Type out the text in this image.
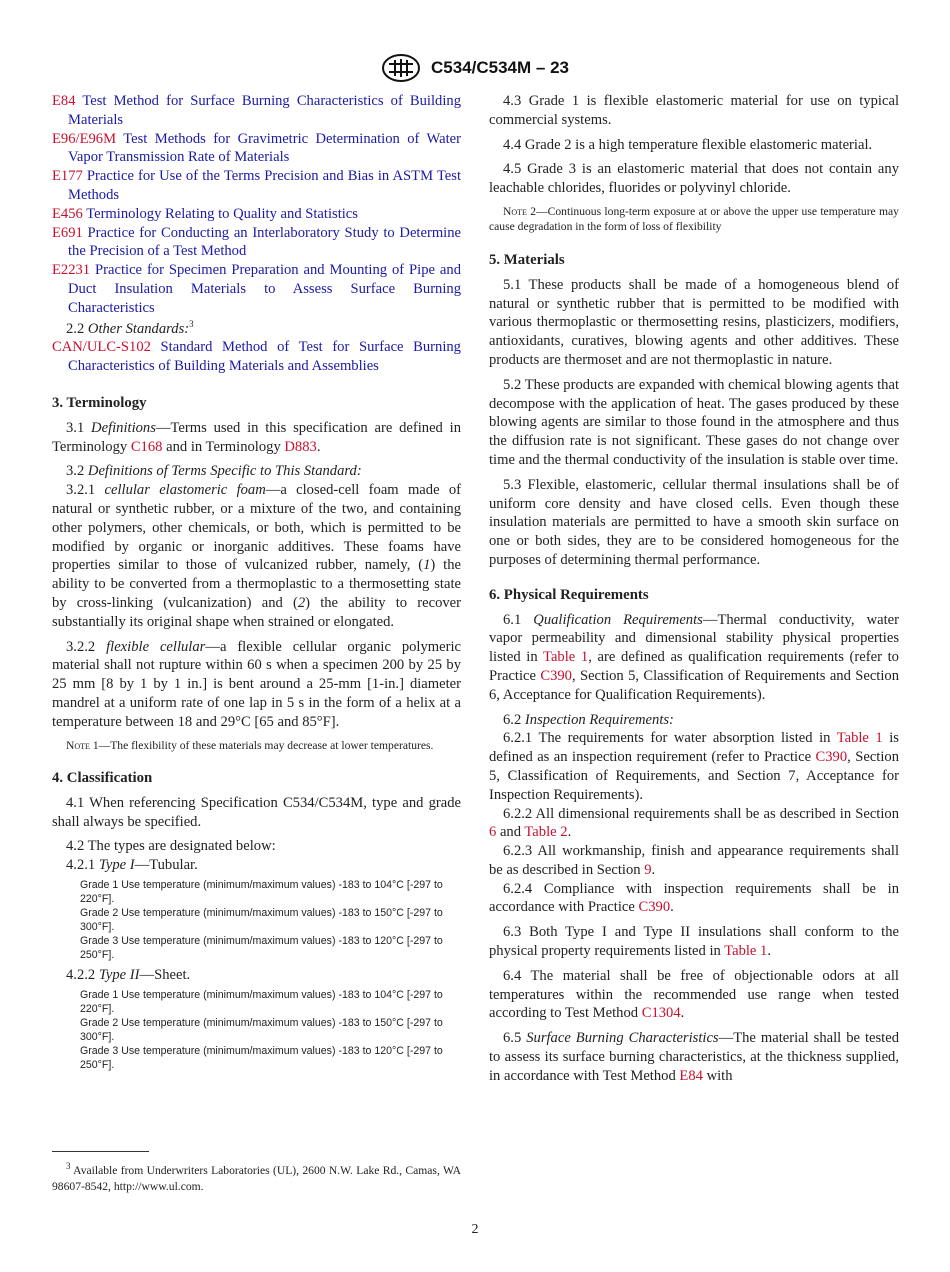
C534/C534M – 23

E84 Test Method for Surface Burning Characteristics of Building Materials

E96/E96M Test Methods for Gravimetric Determination of Water Vapor Transmission Rate of Materials

E177 Practice for Use of the Terms Precision and Bias in ASTM Test Methods

E456 Terminology Relating to Quality and Statistics

E691 Practice for Conducting an Interlaboratory Study to Determine the Precision of a Test Method

E2231 Practice for Specimen Preparation and Mounting of Pipe and Duct Insulation Materials to Assess Surface Burning Characteristics

2.2 Other Standards:$^3$

CAN/ULC-S102 Standard Method of Test for Surface Burning Characteristics of Building Materials and Assemblies

3. Terminology

3.1 Definitions—Terms used in this specification are defined in Terminology C168 and in Terminology D883.

3.2 Definitions of Terms Specific to This Standard:

3.2.1 cellular elastomeric foam—a closed-cell foam made of natural or synthetic rubber, or a mixture of the two, and containing other polymers, other chemicals, or both, which is permitted to be modified by organic or inorganic additives. These foams have properties similar to those of vulcanized rubber, namely, (1) the ability to be converted from a thermoplastic to a thermosetting state by cross-linking (vulcanization) and (2) the ability to recover substantially its original shape when strained or elongated.

3.2.2 flexible cellular—a flexible cellular organic polymeric material shall not rupture within 60 s when a specimen 200 by 25 by 25 mm [8 by 1 by 1 in.] is bent around a 25-mm [1-in.] diameter mandrel at a uniform rate of one lap in 5 s in the form of a helix at a temperature between 18 and 29°C [65 and 85°F].

Note 1—The flexibility of these materials may decrease at lower temperatures.

4. Classification

4.1 When referencing Specification C534/C534M, type and grade shall always be specified.

4.2 The types are designated below:

4.2.1 Type I—Tubular.

Grade 1 Use temperature (minimum/maximum values) -183 to 104°C [-297 to 220°F].
Grade 2 Use temperature (minimum/maximum values) -183 to 150°C [-297 to 300°F].
Grade 3 Use temperature (minimum/maximum values) -183 to 120°C [-297 to 250°F].

4.2.2 Type II—Sheet.

Grade 1 Use temperature (minimum/maximum values) -183 to 104°C [-297 to 220°F].
Grade 2 Use temperature (minimum/maximum values) -183 to 150°C [-297 to 300°F].
Grade 3 Use temperature (minimum/maximum values) -183 to 120°C [-297 to 250°F].

$^3$ Available from Underwriters Laboratories (UL), 2600 N.W. Lake Rd., Camas, WA 98607-8542, http://www.ul.com.

4.3 Grade 1 is flexible elastomeric material for use on typical commercial systems.

4.4 Grade 2 is a high temperature flexible elastomeric material.

4.5 Grade 3 is an elastomeric material that does not contain any leachable chlorides, fluorides or polyvinyl chloride.

Note 2—Continuous long-term exposure at or above the upper use temperature may cause degradation in the form of loss of flexibility

5. Materials

5.1 These products shall be made of a homogeneous blend of natural or synthetic rubber that is permitted to be modified with various thermoplastic or thermosetting resins, plasticizers, modifiers, antioxidants, curatives, blowing agents and other additives. These products are thermoset and are not thermoplastic in nature.

5.2 These products are expanded with chemical blowing agents that decompose with the application of heat. The gases produced by these blowing agents are similar to those found in the atmosphere and thus the diffusion rate is not significant. These gases do not change over time and the thermal conductivity of the insulation is stable over time.

5.3 Flexible, elastomeric, cellular thermal insulations shall be of uniform core density and have closed cells. Even though these insulation materials are permitted to have a smooth skin surface on one or both sides, they are to be considered homogeneous for the purposes of determining thermal performance.

6. Physical Requirements

6.1 Qualification Requirements—Thermal conductivity, water vapor permeability and dimensional stability physical properties listed in Table 1, are defined as qualification requirements (refer to Practice C390, Section 5, Classification of Requirements and Section 6, Acceptance for Qualification Requirements).

6.2 Inspection Requirements:

6.2.1 The requirements for water absorption listed in Table 1 is defined as an inspection requirement (refer to Practice C390, Section 5, Classification of Requirements, and Section 7, Acceptance for Inspection Requirements).

6.2.2 All dimensional requirements shall be as described in Section 6 and Table 2.

6.2.3 All workmanship, finish and appearance requirements shall be as described in Section 9.

6.2.4 Compliance with inspection requirements shall be in accordance with Practice C390.

6.3 Both Type I and Type II insulations shall conform to the physical property requirements listed in Table 1.

6.4 The material shall be free of objectionable odors at all temperatures within the recommended use range when tested according to Test Method C1304.

6.5 Surface Burning Characteristics—The material shall be tested to assess its surface burning characteristics, at the thickness supplied, in accordance with Test Method E84 with

2
